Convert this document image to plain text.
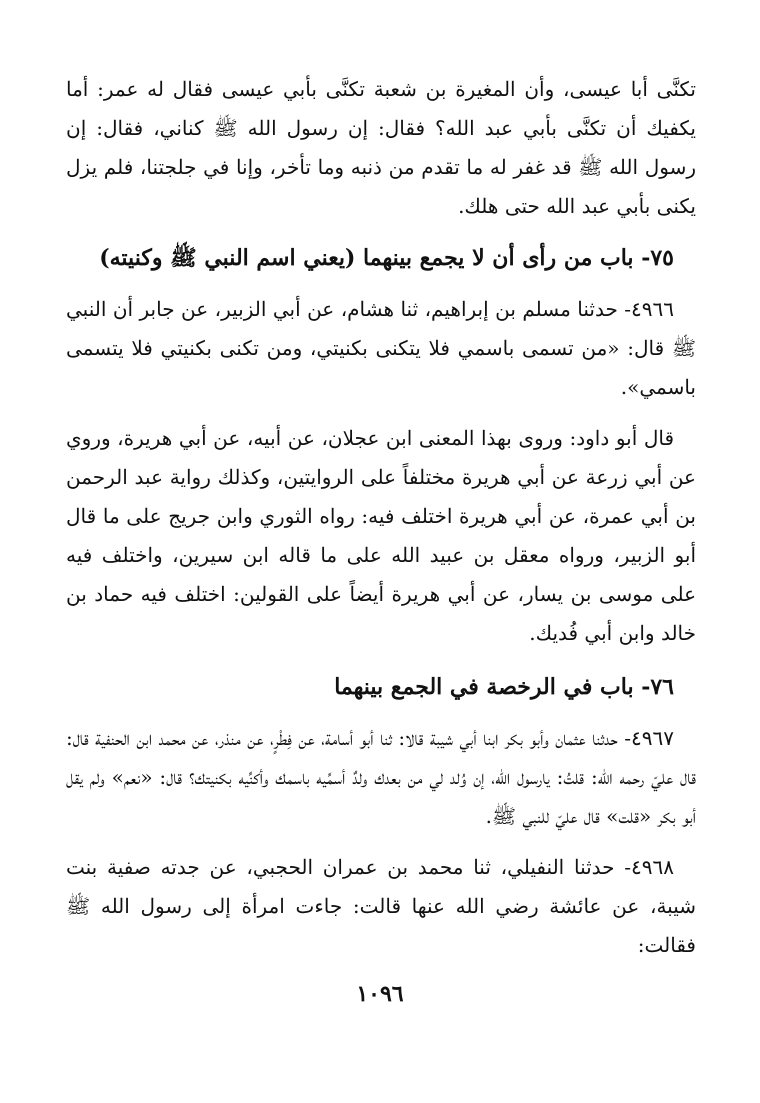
تكنَّى أبا عيسى، وأن المغيرة بن شعبة تكنَّى بأبي عيسى فقال له عمر: أما يكفيك أن تكنَّى بأبي عبد الله؟ فقال: إن رسول الله ﷺ كناني، فقال: إن رسول الله ﷺ قد غفر له ما تقدم من ذنبه وما تأخر، وإنا في جلجتنا، فلم يزل يكنى بأبي عبد الله حتى هلك.

٧٥- باب من رأى أن لا يجمع بينهما (يعني اسم النبي ﷺ وكنيته)

٤٩٦٦- حدثنا مسلم بن إبراهيم، ثنا هشام، عن أبي الزبير، عن جابر أن النبي ﷺ قال: «من تسمى باسمي فلا يتكنى بكنيتي، ومن تكنى بكنيتي فلا يتسمى باسمي».

قال أبو داود: وروى بهذا المعنى ابن عجلان، عن أبيه، عن أبي هريرة، وروي عن أبي زرعة عن أبي هريرة مختلفاً على الروايتين، وكذلك رواية عبد الرحمن بن أبي عمرة، عن أبي هريرة اختلف فيه: رواه الثوري وابن جريج على ما قال أبو الزبير، ورواه معقل بن عبيد الله على ما قاله ابن سيرين، واختلف فيه على موسى بن يسار، عن أبي هريرة أيضاً على القولين: اختلف فيه حماد بن خالد وابن أبي فُديك.

٧٦- باب في الرخصة في الجمع بينهما

٤٩٦٧- حدثنا عثمان وأبو بكر ابنا أبي شيبة قالا: ثنا أبو أسامة، عن فِطْرٍ، عن منذر، عن محمد ابن الحنفية قال: قال عليّ رحمه الله: قلتُ: يارسول الله، إن وُلد لي من بعدك ولدٌ أسمِّيه باسمك وأكنِّيه بكنيتك؟ قال: «نعم» ولم يقل أبو بكر «قلت» قال عليّ للنبي ﷺ.

٤٩٦٨- حدثنا النفيلي، ثنا محمد بن عمران الحجبي، عن جدته صفية بنت شيبة، عن عائشة رضي الله عنها قالت: جاءت امرأة إلى رسول الله ﷺ فقالت:

١٠٩٦
